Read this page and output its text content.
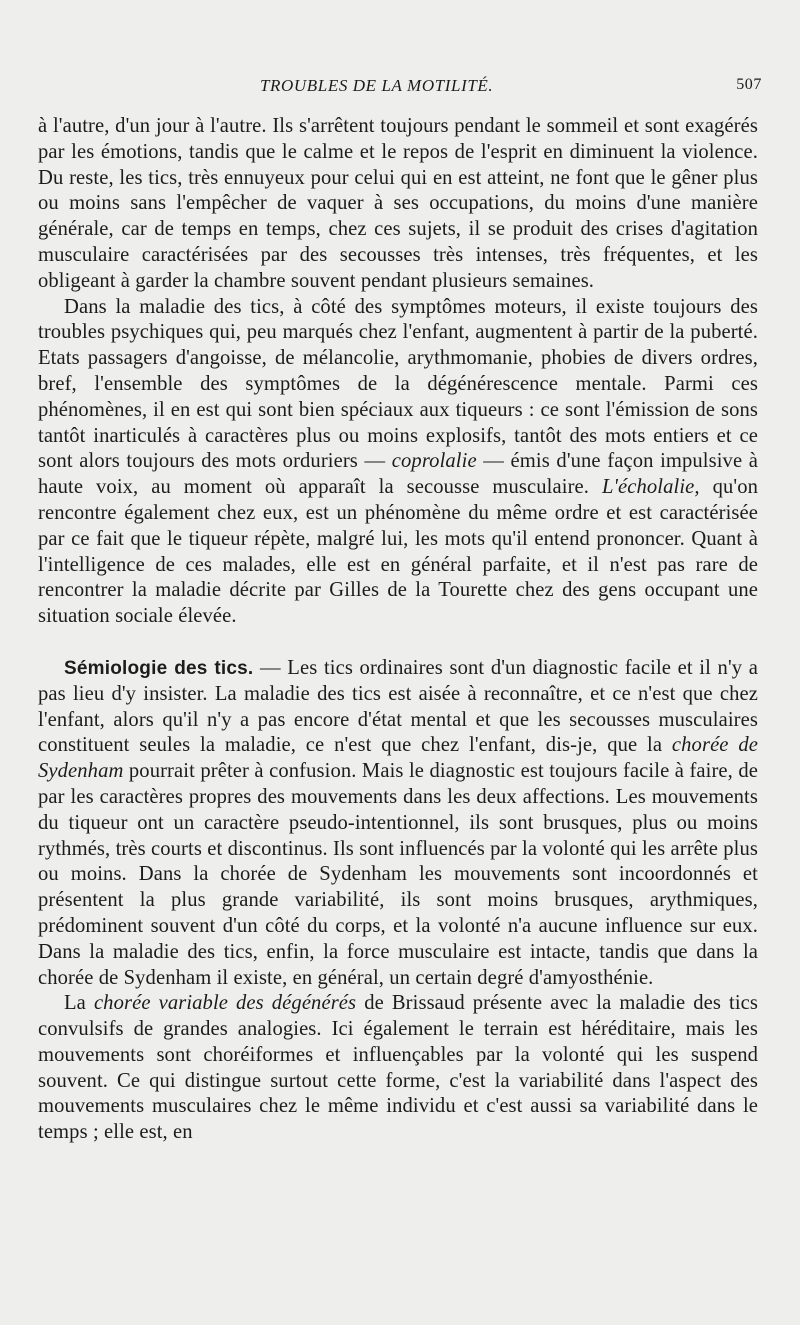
TROUBLES DE LA MOTILITÉ.	507

à l'autre, d'un jour à l'autre. Ils s'arrêtent toujours pendant le sommeil et sont exagérés par les émotions, tandis que le calme et le repos de l'esprit en diminuent la violence. Du reste, les tics, très ennuyeux pour celui qui en est atteint, ne font que le gêner plus ou moins sans l'empêcher de vaquer à ses occupations, du moins d'une manière générale, car de temps en temps, chez ces sujets, il se produit des crises d'agitation musculaire caractérisées par des secousses très intenses, très fréquentes, et les obligeant à garder la chambre souvent pendant plusieurs semaines.

Dans la maladie des tics, à côté des symptômes moteurs, il existe toujours des troubles psychiques qui, peu marqués chez l'enfant, augmentent à partir de la puberté. Etats passagers d'angoisse, de mélancolie, arythmomanie, phobies de divers ordres, bref, l'ensemble des symptômes de la dégénérescence mentale. Parmi ces phénomènes, il en est qui sont bien spéciaux aux tiqueurs : ce sont l'émission de sons tantôt inarticulés à caractères plus ou moins explosifs, tantôt des mots entiers et ce sont alors toujours des mots orduriers — coprolalie — émis d'une façon impulsive à haute voix, au moment où apparaît la secousse musculaire. L'écholalie, qu'on rencontre également chez eux, est un phénomène du même ordre et est caractérisée par ce fait que le tiqueur répète, malgré lui, les mots qu'il entend prononcer. Quant à l'intelligence de ces malades, elle est en général parfaite, et il n'est pas rare de rencontrer la maladie décrite par Gilles de la Tourette chez des gens occupant une situation sociale élevée.

Sémiologie des tics. — Les tics ordinaires sont d'un diagnostic facile et il n'y a pas lieu d'y insister. La maladie des tics est aisée à reconnaître, et ce n'est que chez l'enfant, alors qu'il n'y a pas encore d'état mental et que les secousses musculaires constituent seules la maladie, ce n'est que chez l'enfant, dis-je, que la chorée de Sydenham pourrait prêter à confusion. Mais le diagnostic est toujours facile à faire, de par les caractères propres des mouvements dans les deux affections. Les mouvements du tiqueur ont un caractère pseudo-intentionnel, ils sont brusques, plus ou moins rythmés, très courts et discontinus. Ils sont influencés par la volonté qui les arrête plus ou moins. Dans la chorée de Sydenham les mouvements sont incoordonnés et présentent la plus grande variabilité, ils sont moins brusques, arythmiques, prédominent souvent d'un côté du corps, et la volonté n'a aucune influence sur eux. Dans la maladie des tics, enfin, la force musculaire est intacte, tandis que dans la chorée de Sydenham il existe, en général, un certain degré d'amyosthénie.

La chorée variable des dégénérés de Brissaud présente avec la maladie des tics convulsifs de grandes analogies. Ici également le terrain est héréditaire, mais les mouvements sont choréiformes et influençables par la volonté qui les suspend souvent. Ce qui distingue surtout cette forme, c'est la variabilité dans l'aspect des mouvements musculaires chez le même individu et c'est aussi sa variabilité dans le temps ; elle est, en
